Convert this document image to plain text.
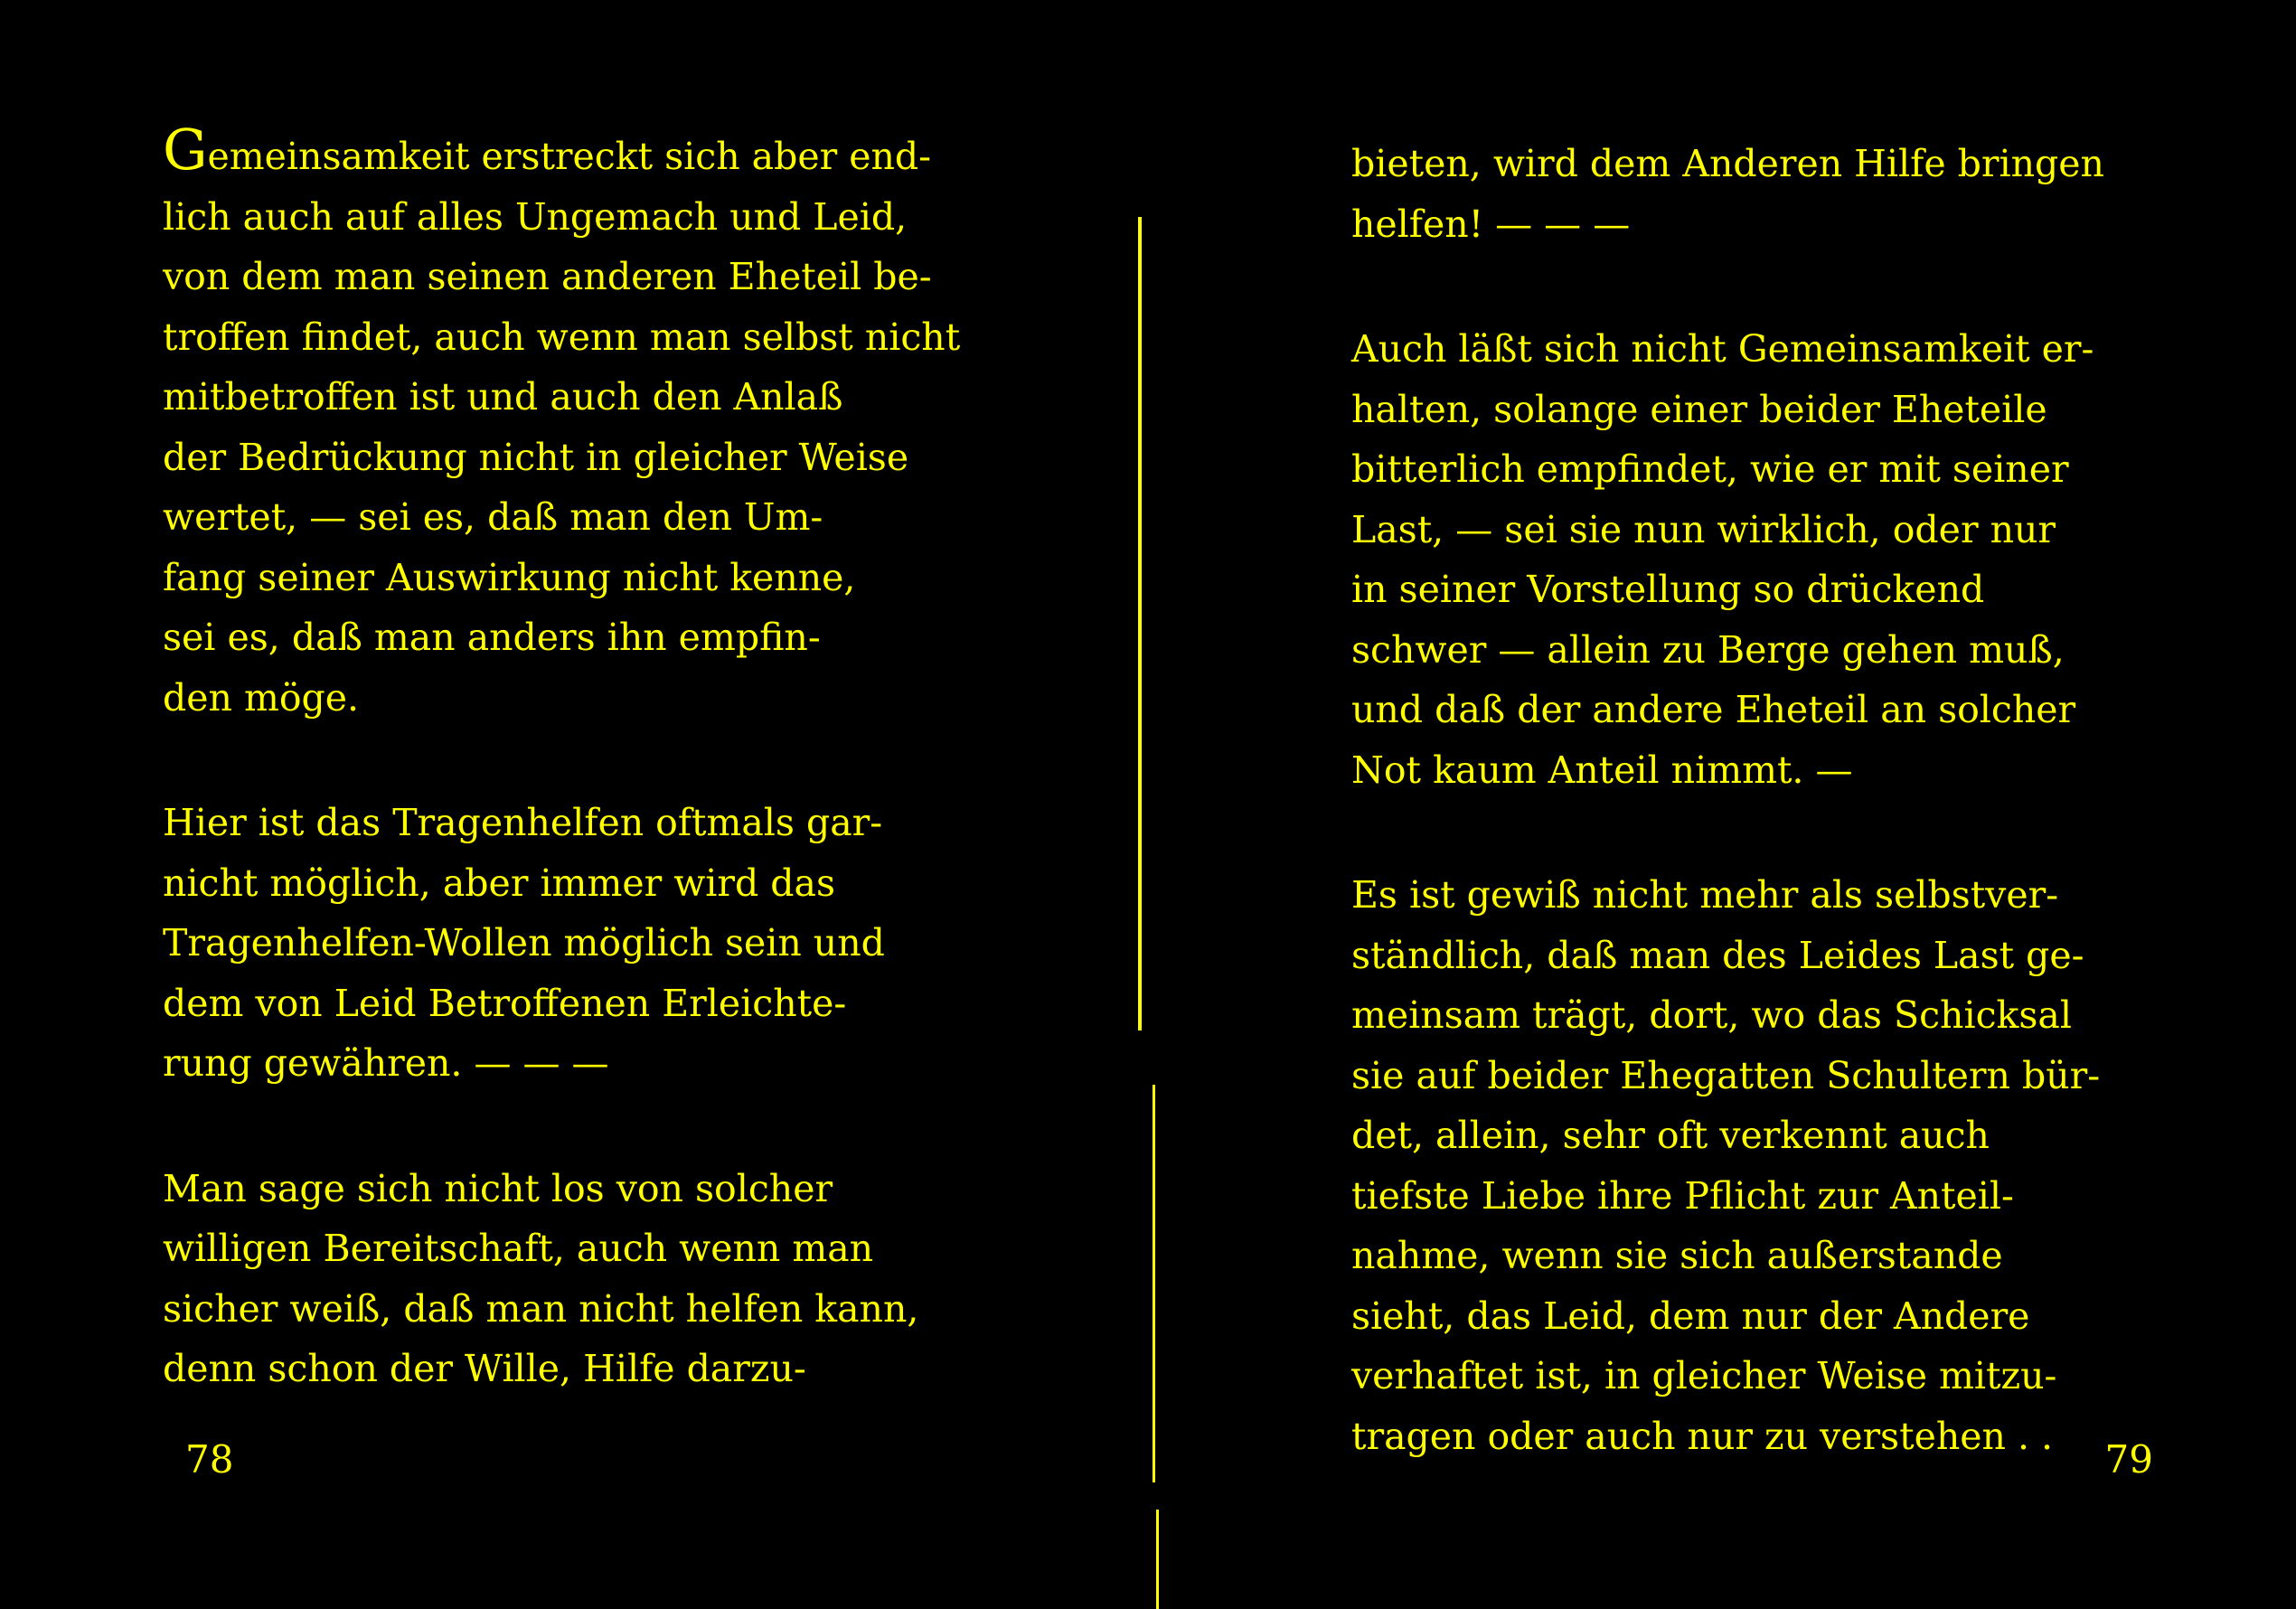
Gemeinsamkeit erstreckt sich aber end-
lich auch auf alles Ungemach und Leid,
von dem man seinen anderen Eheteil be-
troffen findet, auch wenn man selbst nicht
mitbetroffen ist und auch den Anlaß
der Bedrückung nicht in gleicher Weise
wertet, — sei es, daß man den Um-
fang seiner Auswirkung nicht kenne,
sei es, daß man anders ihn empfin-
den möge.

Hier ist das Tragenhelfen oftmals gar-
nicht möglich, aber immer wird das
Tragenhelfen-Wollen möglich sein und
dem von Leid Betroffenen Erleichte-
rung gewähren. — — —

Man sage sich nicht los von solcher
willigen Bereitschaft, auch wenn man
sicher weiß, daß man nicht helfen kann,
denn schon der Wille, Hilfe darzu-

78

bieten, wird dem Anderen Hilfe bringen
helfen! — — —

Auch läßt sich nicht Gemeinsamkeit er-
halten, solange einer beider Eheteile
bitterlich empfindet, wie er mit seiner
Last, — sei sie nun wirklich, oder nur
in seiner Vorstellung so drückend
schwer — allein zu Berge gehen muß,
und daß der andere Eheteil an solcher
Not kaum Anteil nimmt. —

Es ist gewiß nicht mehr als selbstver-
ständlich, daß man des Leides Last ge-
meinsam trägt, dort, wo das Schicksal
sie auf beider Ehegatten Schultern bür-
det, allein, sehr oft verkennt auch
tiefste Liebe ihre Pflicht zur Anteil-
nahme, wenn sie sich außerstande
sieht, das Leid, dem nur der Andere
verhaftet ist, in gleicher Weise mitzu-
tragen oder auch nur zu verstehen . .

79
